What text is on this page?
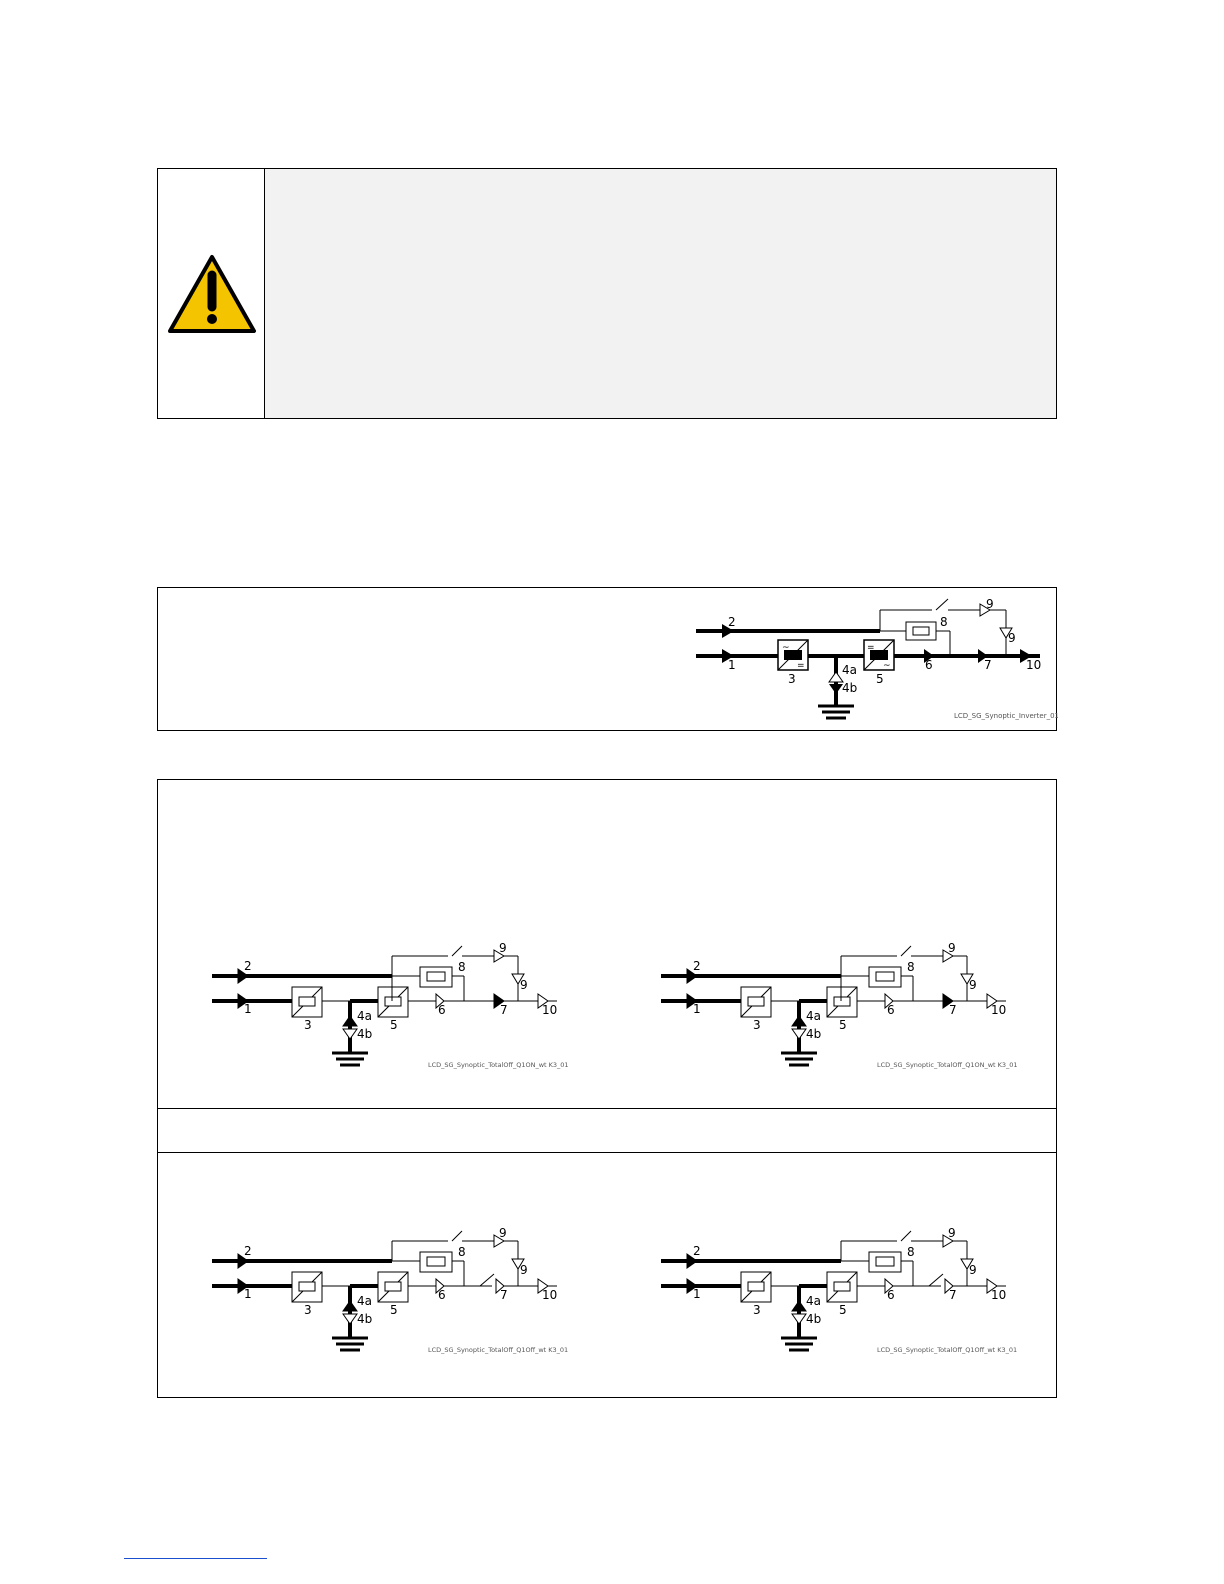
~
=
=
~
1
2
3
4a
4b
5
6	7
8
9
9
10
LCD_SG_Synoptic_Inverter_01
1
2
3
4a
4b
5
6	7
8
9
9
10
LCD_SG_Synoptic_TotalOff_Q1ON_wt K3_01
1
2
3
4a
4b
5
6	7
8
9
9
10
LCD_SG_Synoptic_TotalOff_Q1ON_wt K3_01
1
2
3
4a
4b
5
6	7
8
9
9
10
LCD_SG_Synoptic_TotalOff_Q1Off_wt K3_01
1
2
3
4a
4b
5
6	7
8
9
9
10
LCD_SG_Synoptic_TotalOff_Q1Off_wt K3_01
